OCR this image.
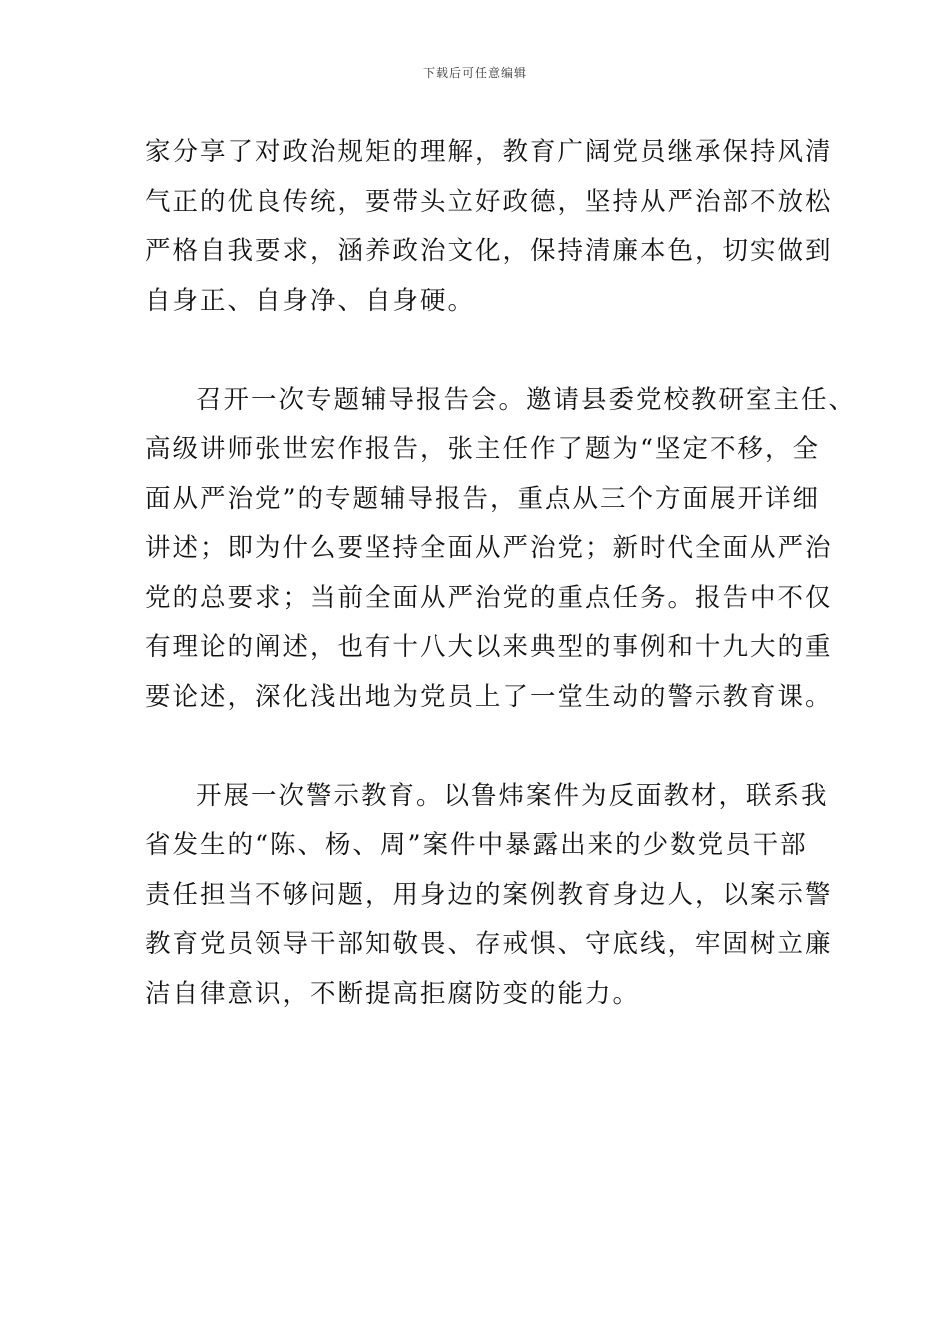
下载后可任意编辑

家分享了对政治规矩的理解，教育广阔党员继承保持风清
气正的优良传统，要带头立好政德，坚持从严治部不放松
严格自我要求，涵养政治文化，保持清廉本色，切实做到
自身正、自身净、自身硬。

召开一次专题辅导报告会。邀请县委党校教研室主任、
高级讲师张世宏作报告，张主任作了题为“坚定不移，全
面从严治党”的专题辅导报告，重点从三个方面展开详细
讲述；即为什么要坚持全面从严治党；新时代全面从严治
党的总要求；当前全面从严治党的重点任务。报告中不仅
有理论的阐述，也有十八大以来典型的事例和十九大的重
要论述，深化浅出地为党员上了一堂生动的警示教育课。

开展一次警示教育。以鲁炜案件为反面教材，联系我
省发生的“陈、杨、周”案件中暴露出来的少数党员干部
责任担当不够问题，用身边的案例教育身边人，以案示警
教育党员领导干部知敬畏、存戒惧、守底线，牢固树立廉
洁自律意识，不断提高拒腐防变的能力。
